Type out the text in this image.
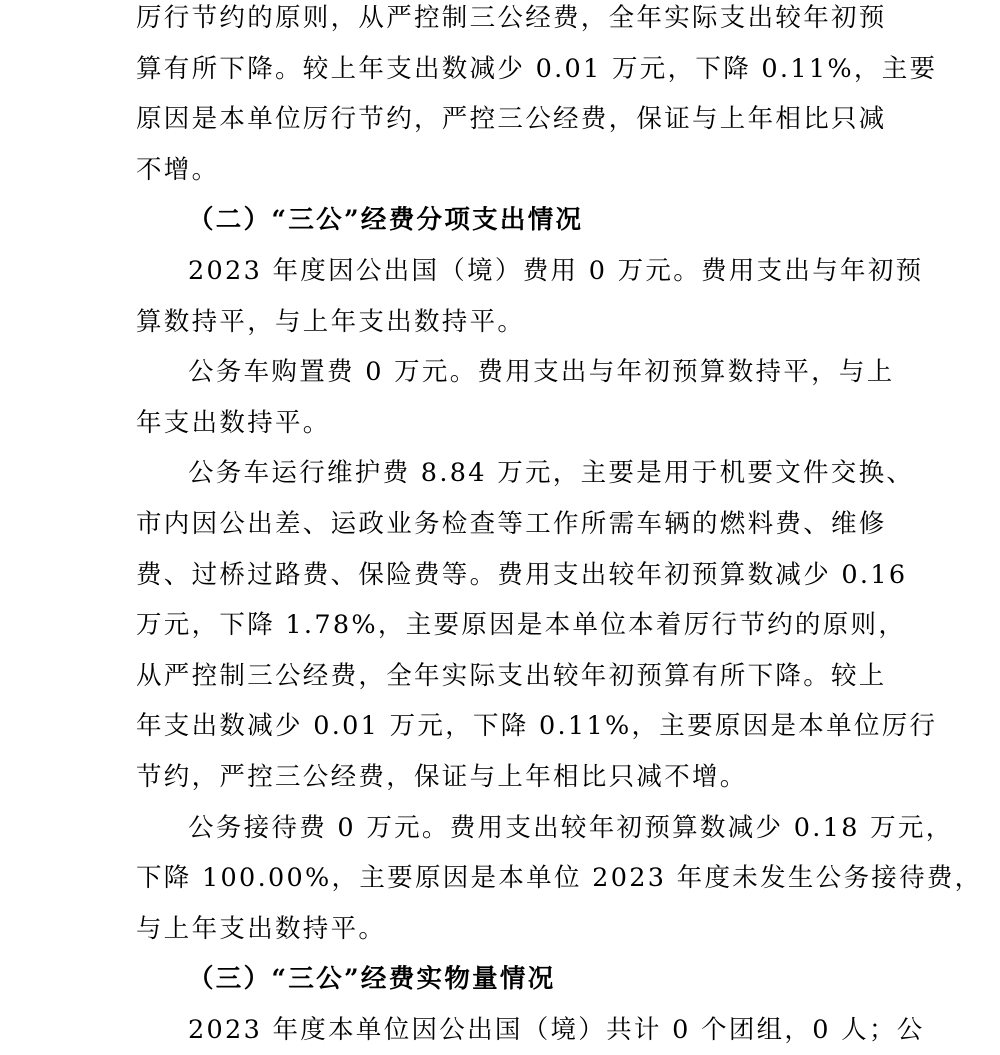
厉行节约的原则，从严控制三公经费，全年实际支出较年初预
算有所下降。较上年支出数减少 0.01 万元，下降 0.11%，主要
原因是本单位厉行节约，严控三公经费，保证与上年相比只减
不增。
（二）“三公”经费分项支出情况
2023 年度因公出国（境）费用 0 万元。费用支出与年初预
算数持平，与上年支出数持平。
公务车购置费 0 万元。费用支出与年初预算数持平，与上
年支出数持平。
公务车运行维护费 8.84 万元，主要是用于机要文件交换、
市内因公出差、运政业务检查等工作所需车辆的燃料费、维修
费、过桥过路费、保险费等。费用支出较年初预算数减少 0.16
万元，下降 1.78%，主要原因是本单位本着厉行节约的原则，
从严控制三公经费，全年实际支出较年初预算有所下降。较上
年支出数减少 0.01 万元，下降 0.11%，主要原因是本单位厉行
节约，严控三公经费，保证与上年相比只减不增。
公务接待费 0 万元。费用支出较年初预算数减少 0.18 万元，
下降 100.00%，主要原因是本单位 2023 年度未发生公务接待费，
与上年支出数持平。
（三）“三公”经费实物量情况
2023 年度本单位因公出国（境）共计 0 个团组，0 人；公
